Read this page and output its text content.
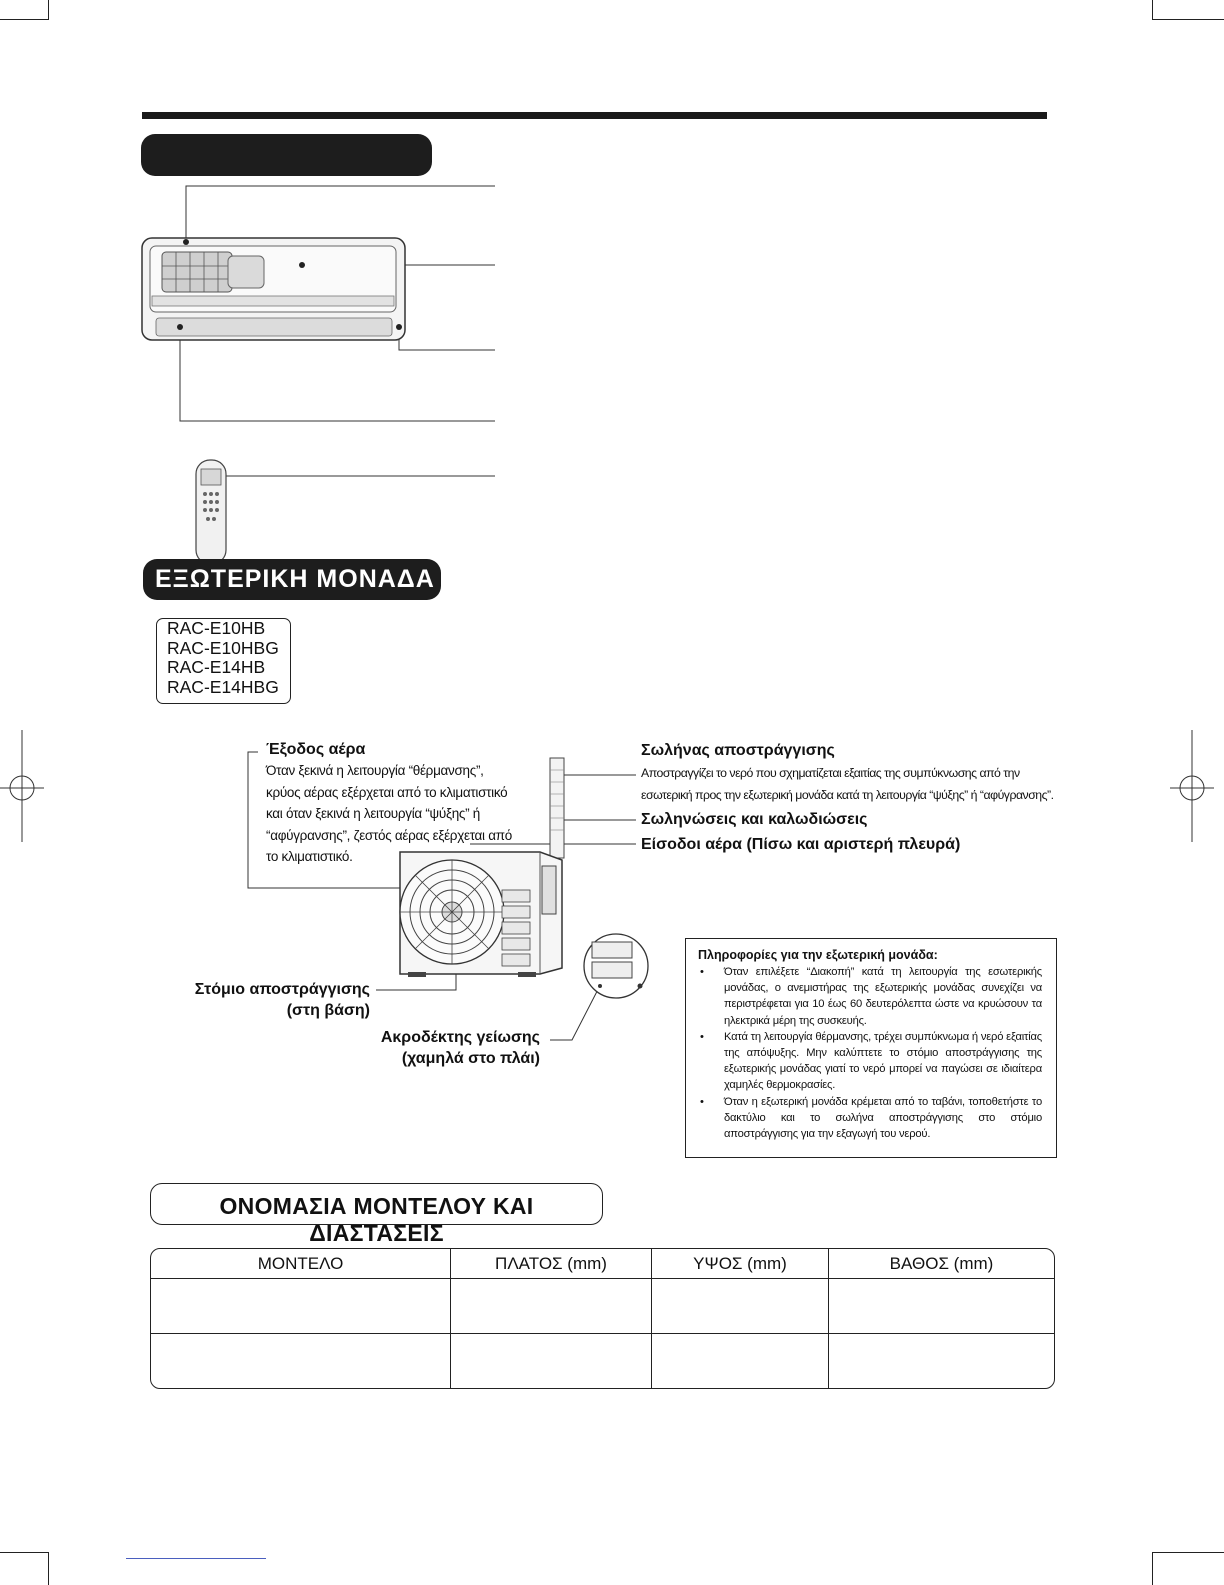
ΕΞΩΤΕΡΙΚΗ ΜΟΝΑΔΑ
RAC-E10HB
RAC-E10HBG
RAC-E14HB
RAC-E14HBG
Έξοδος αέρα
Όταν ξεκινά η λειτουργία “θέρμανσης”,
κρύος αέρας εξέρχεται από το κλιματιστικό
και όταν ξεκινά η λειτουργία “ψύξης” ή
“αφύγρανσης”, ζεστός αέρας εξέρχεται από
το κλιματιστικό.
Σωλήνας αποστράγγισης
Αποστραγγίζει το νερό που σχηματίζεται εξαιτίας της συμπύκνωσης από την
εσωτερική προς την εξωτερική μονάδα κατά τη λειτουργία “ψύξης” ή “αφύγρανσης”.
Σωληνώσεις και καλωδιώσεις
Είσοδοι αέρα (Πίσω και αριστερή πλευρά)
Στόμιο αποστράγγισης
(στη βάση)
Ακροδέκτης γείωσης
(χαμηλά στο πλάι)
Πληροφορίες για την εξωτερική μονάδα:
• Όταν επιλέξετε “Διακοπή” κατά τη λειτουργία της εσωτερικής μονάδας, ο ανεμιστήρας της εξωτερικής μονάδας συνεχίζει να περιστρέφεται για 10 έως 60 δευτερόλεπτα ώστε να κρυώσουν τα ηλεκτρικά μέρη της συσκευής.
• Κατά τη λειτουργία θέρμανσης, τρέχει συμπύκνωμα ή νερό εξαιτίας της απόψυξης. Μην καλύπτετε το στόμιο αποστράγγισης της εξωτερικής μονάδας γιατί το νερό μπορεί να παγώσει σε ιδιαίτερα χαμηλές θερμοκρασίες.
• Όταν η εξωτερική μονάδα κρέμεται από το ταβάνι, τοποθετήστε το δακτύλιο και το σωλήνα αποστράγγισης στο στόμιο αποστράγγισης για την εξαγωγή του νερού.
ΟΝΟΜΑΣΙΑ ΜΟΝΤΕΛΟΥ ΚΑΙ ΔΙΑΣΤΑΣΕΙΣ
ΜΟΝΤΕΛΟ	ΠΛΑΤΟΣ (mm)	ΥΨΟΣ (mm)	ΒΑΘΟΣ (mm)
